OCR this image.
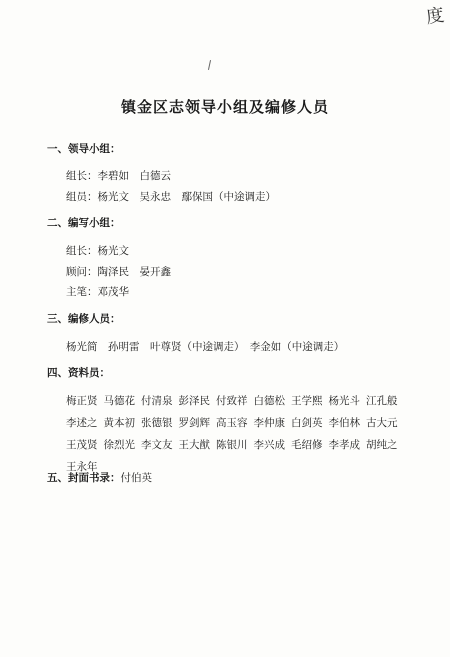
度
镇金区志领导小组及编修人员
一、领导小组：
组长：李碧如　白德云
组员：杨光文　吴永忠　鄢保国（中途调走）
二、编写小组：
组长：杨光文
顾问：陶泽民　晏开鑫
主笔：邓茂华
三、编修人员：
杨光简　孙明雷　叶尊贤（中途调走）　李金如（中途调走）
四、资料员：
梅正贤 马德花 付清泉 彭泽民 付致祥 白德松 王学熙 杨光斗 江孔般
李述之 黄本初 张德银 罗剑辉 高玉容 李仲康 白剑英 李伯林 古大元
王茂贤 徐烈光 李文友 王大猷 陈银川 李兴成 毛绍修 李孝成 胡纯之
王永年
五、封面书录：付伯英
